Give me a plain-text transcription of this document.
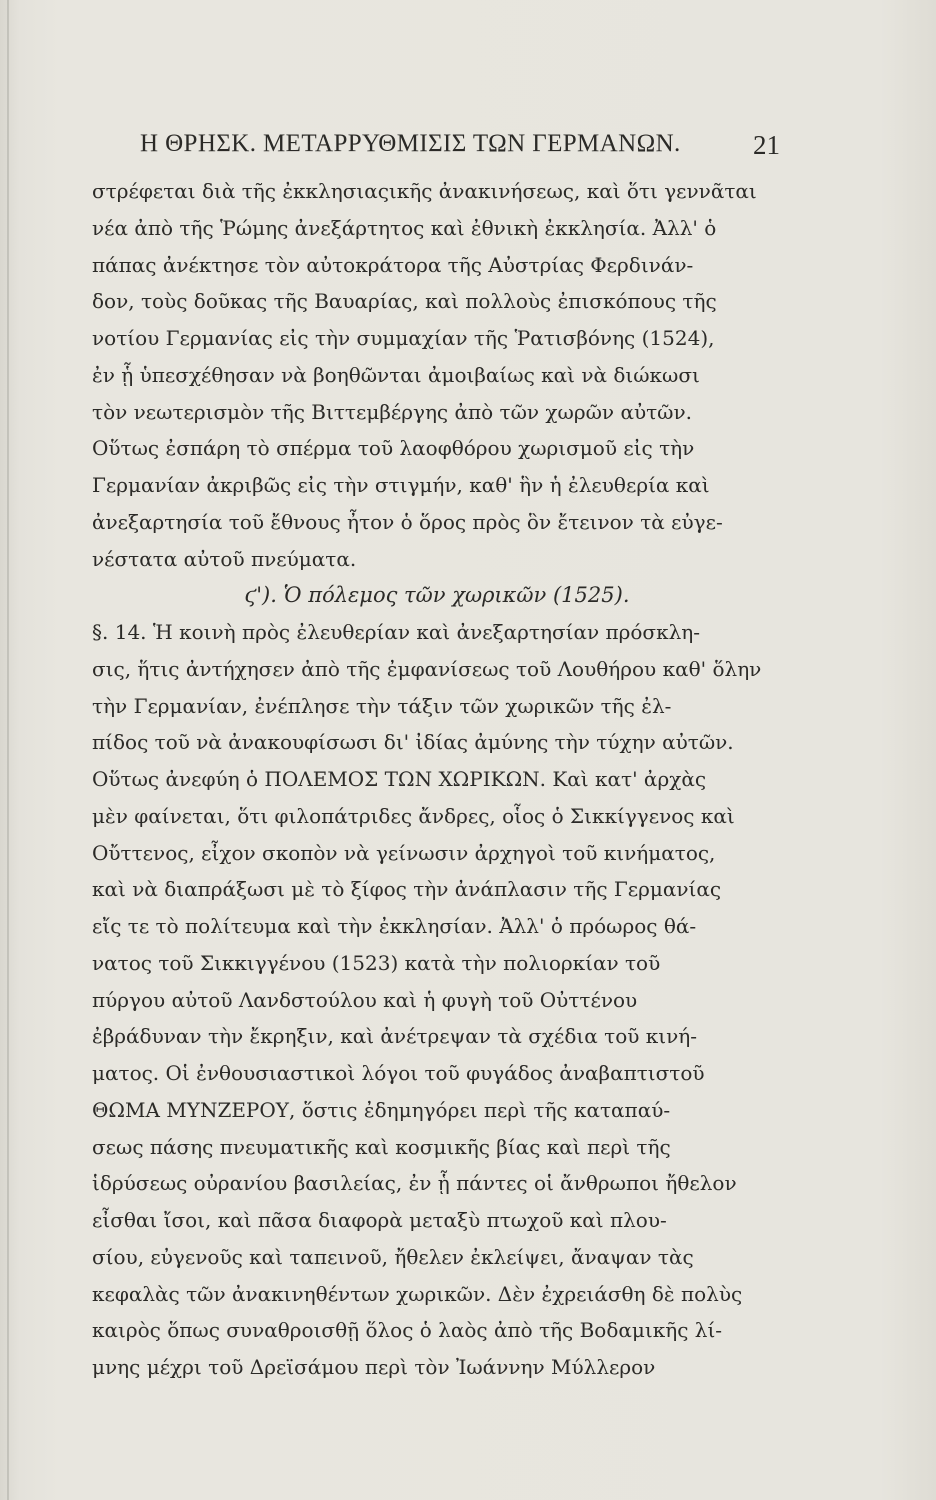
Η ΘΡΗΣΚ. ΜΕΤΑΡΡΥΘΜΙΣΙΣ ΤΩΝ ΓΕΡΜΑΝΩΝ.	21
στρέφεται διὰ τῆς ἐκκλησιαςικῆς ἀνακινήσεως, καὶ ὅτι γεννᾶται
νέα ἀπὸ τῆς Ῥώμης ἀνεξάρτητος καὶ ἐθνικὴ ἐκκλησία. Ἀλλ' ὁ
πάπας ἀνέκτησε τὸν αὐτοκράτορα τῆς Αὐστρίας Φερδινάν-
δον, τοὺς δοῦκας τῆς Βαυαρίας, καὶ πολλοὺς ἐπισκόπους τῆς
νοτίου Γερμανίας εἰς τὴν συμμαχίαν τῆς Ῥατισβόνης (1524),
ἐν ᾗ ὑπεσχέθησαν νὰ βοηθῶνται ἀμοιβαίως καὶ νὰ διώκωσι
τὸν νεωτερισμὸν τῆς Βιττεμβέργης ἀπὸ τῶν χωρῶν αὐτῶν.
Οὕτως ἐσπάρη τὸ σπέρμα τοῦ λαοφθόρου χωρισμοῦ εἰς τὴν
Γερμανίαν ἀκριβῶς εἰς τὴν στιγμήν, καθ' ἣν ἡ ἐλευθερία καὶ
ἀνεξαρτησία τοῦ ἔθνους ἦτον ὁ ὅρος πρὸς ὃν ἔτεινον τὰ εὐγε-
νέστατα αὐτοῦ πνεύματα.
ϛ'). Ὁ πόλεμος τῶν χωρικῶν (1525).
§. 14. Ἡ κοινὴ πρὸς ἐλευθερίαν καὶ ἀνεξαρτησίαν πρόσκλη-
σις, ἥτις ἀντήχησεν ἀπὸ τῆς ἐμφανίσεως τοῦ Λουθήρου καθ' ὅλην
τὴν Γερμανίαν, ἐνέπλησε τὴν τάξιν τῶν χωρικῶν τῆς ἐλ-
πίδος τοῦ νὰ ἀνακουφίσωσι δι' ἰδίας ἀμύνης τὴν τύχην αὐτῶν.
Οὕτως ἀνεφύη ὁ ΠΟΛΕΜΟΣ ΤΩΝ ΧΩΡΙΚΩΝ. Καὶ κατ' ἀρχὰς
μὲν φαίνεται, ὅτι φιλοπάτριδες ἄνδρες, οἷος ὁ Σικκίγγενος καὶ
Οὔττενος, εἶχον σκοπὸν νὰ γείνωσιν ἀρχηγοὶ τοῦ κινήματος,
καὶ νὰ διαπράξωσι μὲ τὸ ξίφος τὴν ἀνάπλασιν τῆς Γερμανίας
εἴς τε τὸ πολίτευμα καὶ τὴν ἐκκλησίαν. Ἀλλ' ὁ πρόωρος θά-
νατος τοῦ Σικκιγγένου (1523) κατὰ τὴν πολιορκίαν τοῦ
πύργου αὐτοῦ Λανδστούλου καὶ ἡ φυγὴ τοῦ Οὐττένου
ἐβράδυναν τὴν ἔκρηξιν, καὶ ἀνέτρεψαν τὰ σχέδια τοῦ κινή-
ματος. Οἱ ἐνθουσιαστικοὶ λόγοι τοῦ φυγάδος ἀναβαπτιστοῦ
ΘΩΜΑ ΜΥΝΖΕΡΟΥ, ὅστις ἐδημηγόρει περὶ τῆς καταπαύ-
σεως πάσης πνευματικῆς καὶ κοσμικῆς βίας καὶ περὶ τῆς
ἱδρύσεως οὐρανίου βασιλείας, ἐν ᾗ πάντες οἱ ἄνθρωποι ἤθελον
εἶσθαι ἴσοι, καὶ πᾶσα διαφορὰ μεταξὺ πτωχοῦ καὶ πλου-
σίου, εὐγενοῦς καὶ ταπεινοῦ, ἤθελεν ἐκλείψει, ἄναψαν τὰς
κεφαλὰς τῶν ἀνακινηθέντων χωρικῶν. Δὲν ἐχρειάσθη δὲ πολὺς
καιρὸς ὅπως συναθροισθῇ ὅλος ὁ λαὸς ἀπὸ τῆς Βοδαμικῆς λί-
μνης μέχρι τοῦ Δρεϊσάμου περὶ τὸν Ἰωάννην Μύλλερον
